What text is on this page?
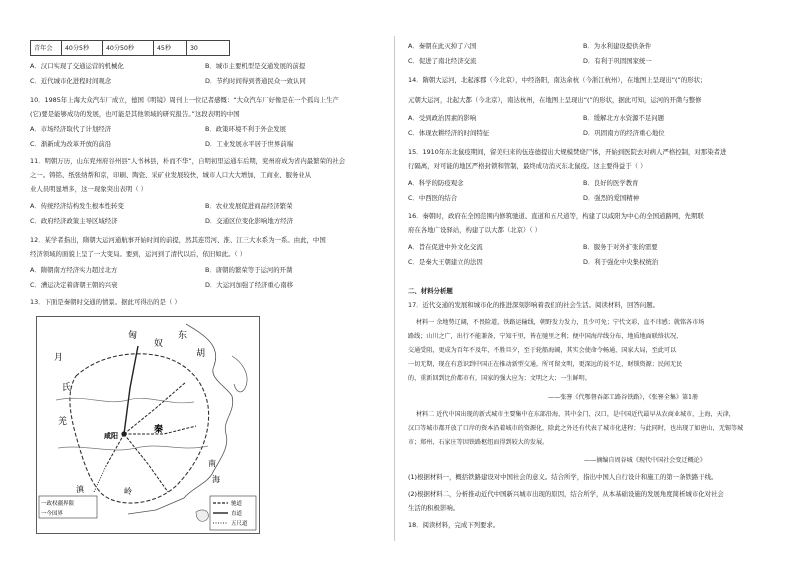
青年会	40分5秒	40分50秒	45秒	30
A．汉口实现了交通运营的机械化	B．城市主要机型是交通发展的前提
C．近代城市化进程时间观念	D．节约时间得到普通民众一致认同
10．1985年上海大众汽车厂成立，德国《明镜》周刊上一位记者感慨：“大众汽车厂好像是在一个孤岛上生产
(它)要是能够成功的发展，也可能是其他领域的研究报告。”这段表明的中国
A．市场经济取代了计划经济	B．政策环境不利于外企发展
C．渐新成为改革开放的前沿	D．工业发展水平居于世界前端
11．明朝万历，山东兖州府谷州县“人书林县，朴而不华”，自明初里运通车后期，兖州府成为省内最繁荣的社会
之一。铸铭、纸张纳帮和京，印刷、陶瓷、采矿业发展较快，城市人口大大增加，工商业、服务业从
业人员明显增多，这一现象突出表明（ ）
A．传统经济结构发生根本性转变	B．农业发展促进商品经济繁荣
C．政府经济政策主导区域经济	D．交通区位变化影响地方经济
12．某学者指出，隋朝大运河通航事开始时间的前提，然其连贯河、淮、江三大水系为一系。由此，中国
经济领域的面貌上呈了一大变局。要到，运河到了清代以后，依旧如此。（ ）
A．隋朝南方经济实力超过北方	B．唐朝的繁荣等于运河的开凿
C．漕运决定着唐朝王朝的兴衰	D．大运河加强了经济重心南移
13．下面是秦朝时交通的情景。据此可得出的是（ ）
匈
奴
东
胡
月
氏
羌
咸阳
秦
南
海
岭
滇
一政权疆界限
一今国界
驰道
直道
五尺道
A．秦朝在此灭掉了六国	B．为水利建设提供条件
C．促进了南北经济交流	D．有利于巩固国家统一
14．隋朝大运河，北起涿郡（今北京），中经洛阳，南达余杭（今浙江杭州），在地图上呈现出“(”的形状；
元朝大运河，北起大都（今北京），南达杭州，在地图上呈现出“(”的形状，据此可知，运河的开凿与整修
A．受到政治因素的影响	B．缓解北方水资源不足问题
C．体现农耕经济的时间特征	D．巩固南方的经济重心地位
15．1910年东北鼠疫期间，留美归来的伍连德提出大规模焚烧尸体，开始到医院去对病人严格控制，对那染者进
行隔离，对可能的地区严格封锁和管制，最终成功消灭东北鼠疫。这主要得益于（ ）
A．科学的防疫观念	B．良好的医学教育
C．中西医的结合	D．强烈的爱国精神
16．秦朝时，政府在全国范围内修筑驰道、直道和五尺道等，构建了以咸阳为中心的全国道路网，先期联
府在各地广设驿站，构建了以大都（北京）（ ）
A．旨在促进中外文化交流	B．服务于对外扩张的需要
C．是秦大王朝建立的法因	D．利于强化中央集权统治
二、材料分析题
17．近代交通的发展和城市化的推进深刻影响着我们的社会生活。阅读材料，回答问题。
材料一 余地势辽阔，不畏险道，铁路运输线，朝野发力发力，且少可免；宁代文彩，直不讳感；就铭各市场
路线；山川之广，出行不能兼备，宁知千里，皆在驰里之利；便中国海岸线分布，地质地面联络状况，
交通受阻，更成为百年不及年，不胜旦夕，至于轮船海阔，其实会使命令畅通，国家大局，至此可以
一切无期，现在有意识到中国正在推动新型交通，所可留文明，更深远的说不足，财锁资源；民间无民
的，重新回到比价都市有，国家的强大应为；文明之大；一生鲜明。
——张謇《代鄂督吞部工路谷铁路》，《张謇全集》第1册
材料二 近代中国出现的新式城市主要集中在东部沿海，其中金门、汉口，是中国近代最早从农商业城市，上海，天津，
汉口等城市都开放了口岸的资本沿着城市的资源化，除此之外还有代表了城市化进程；与此同时，也出现了如唐山，无锡等城
市；郑州、石家庄等因铁路枢纽而得到较大的发展。
——摘编自周谷城《现代中国社会变迁概论》
(1)根据材料一，概括铁路建设对中国社会的意义。结合所学，指出中国人自行设计和施工的第一条铁路干线。
(2)根据材料二，分析推动近代中国新兴城市出现的原因，结合所学，从本基础设施的发展角度简析城市化对社会
生活的积极影响。
18．阅读材料，完成下列要求。
